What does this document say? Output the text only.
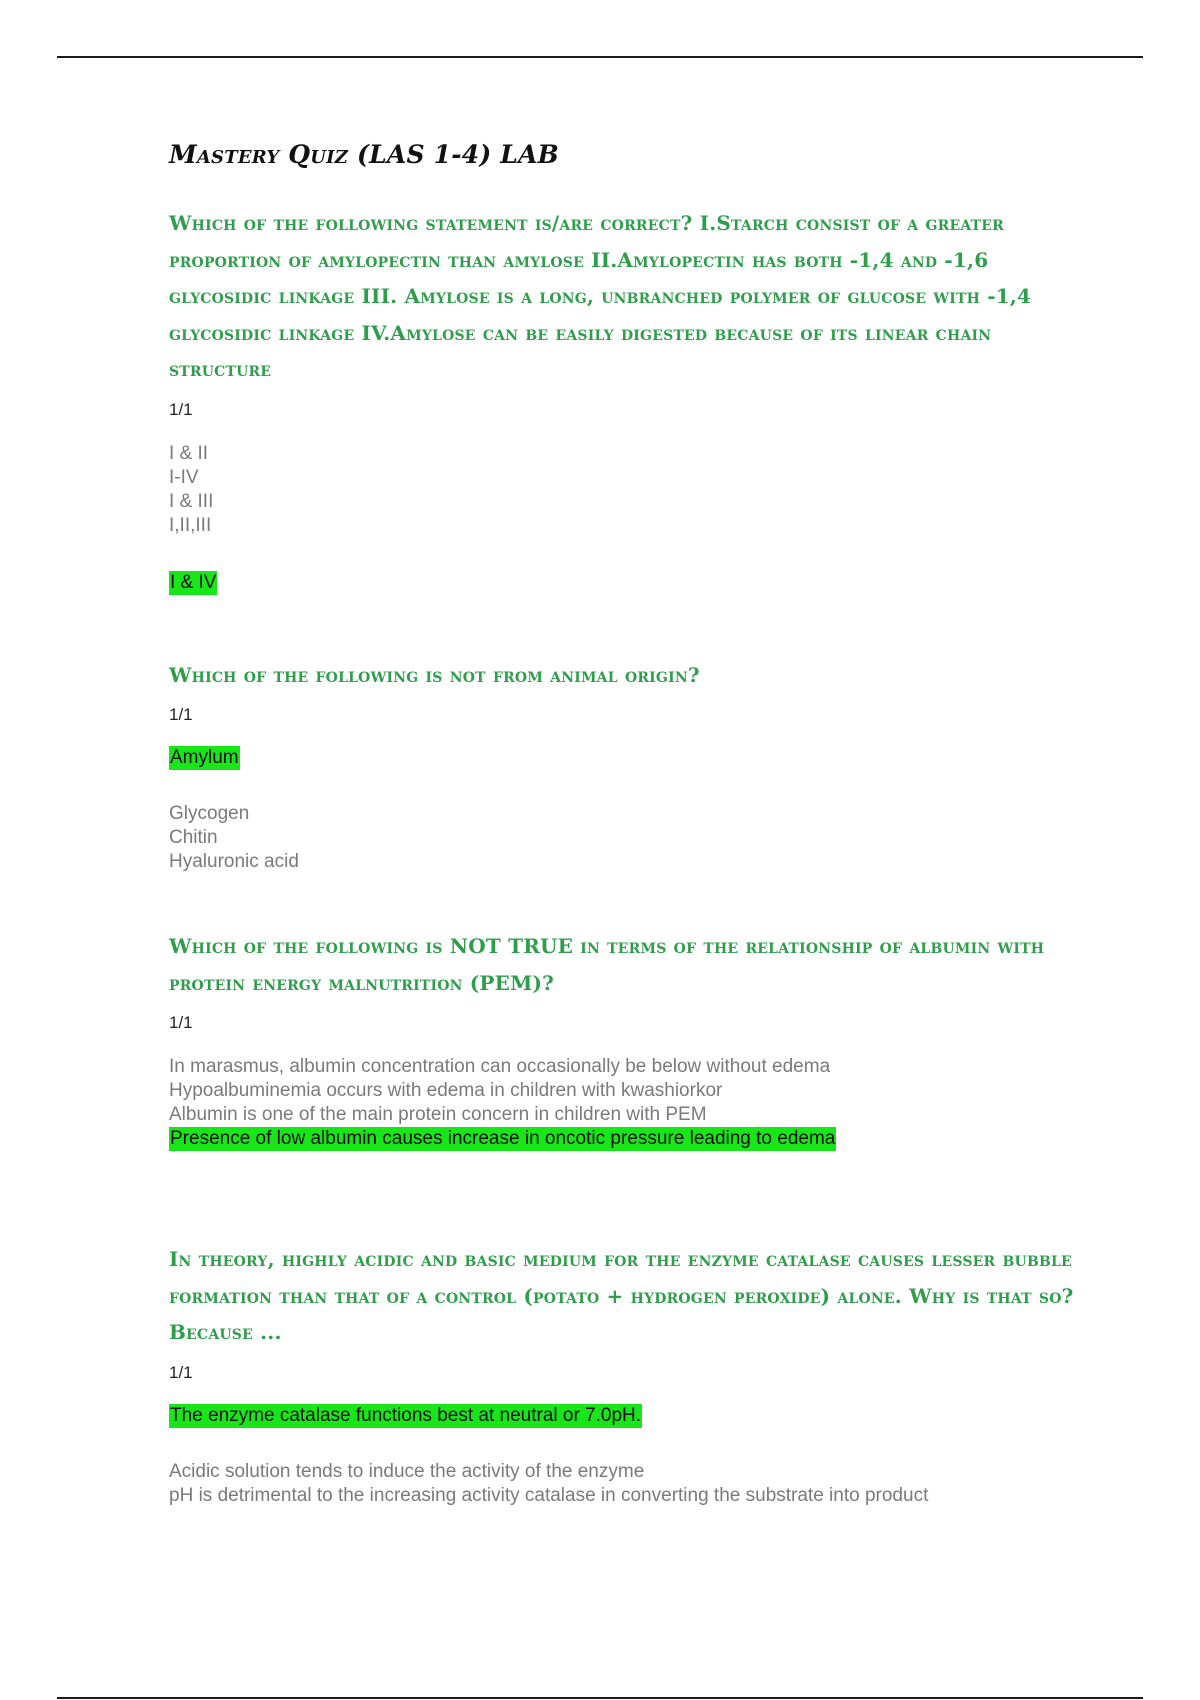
Mastery Quiz (LAS 1-4) LAB

Which of the following statement is/are correct? I.Starch consist of a greater proportion of amylopectin than amylose II.Amylopectin has both -1,4 and -1,6 glycosidic linkage III. Amylose is a long, unbranched polymer of glucose with -1,4 glycosidic linkage IV.Amylose can be easily digested because of its linear chain structure

1/1
I & II
I-IV
I & III
I,II,III
I & IV

Which of the following is not from animal origin?

1/1
Amylum
Glycogen
Chitin
Hyaluronic acid

Which of the following is NOT TRUE in terms of the relationship of albumin with protein energy malnutrition (PEM)?

1/1
In marasmus, albumin concentration can occasionally be below without edema
Hypoalbuminemia occurs with edema in children with kwashiorkor
Albumin is one of the main protein concern in children with PEM
Presence of low albumin causes increase in oncotic pressure leading to edema

In theory, highly acidic and basic medium for the enzyme catalase causes lesser bubble formation than that of a control (potato + hydrogen peroxide) alone. Why is that so? Because ...

1/1
The enzyme catalase functions best at neutral or 7.0pH.
Acidic solution tends to induce the activity of the enzyme
pH is detrimental to the increasing activity catalase in converting the substrate into product
